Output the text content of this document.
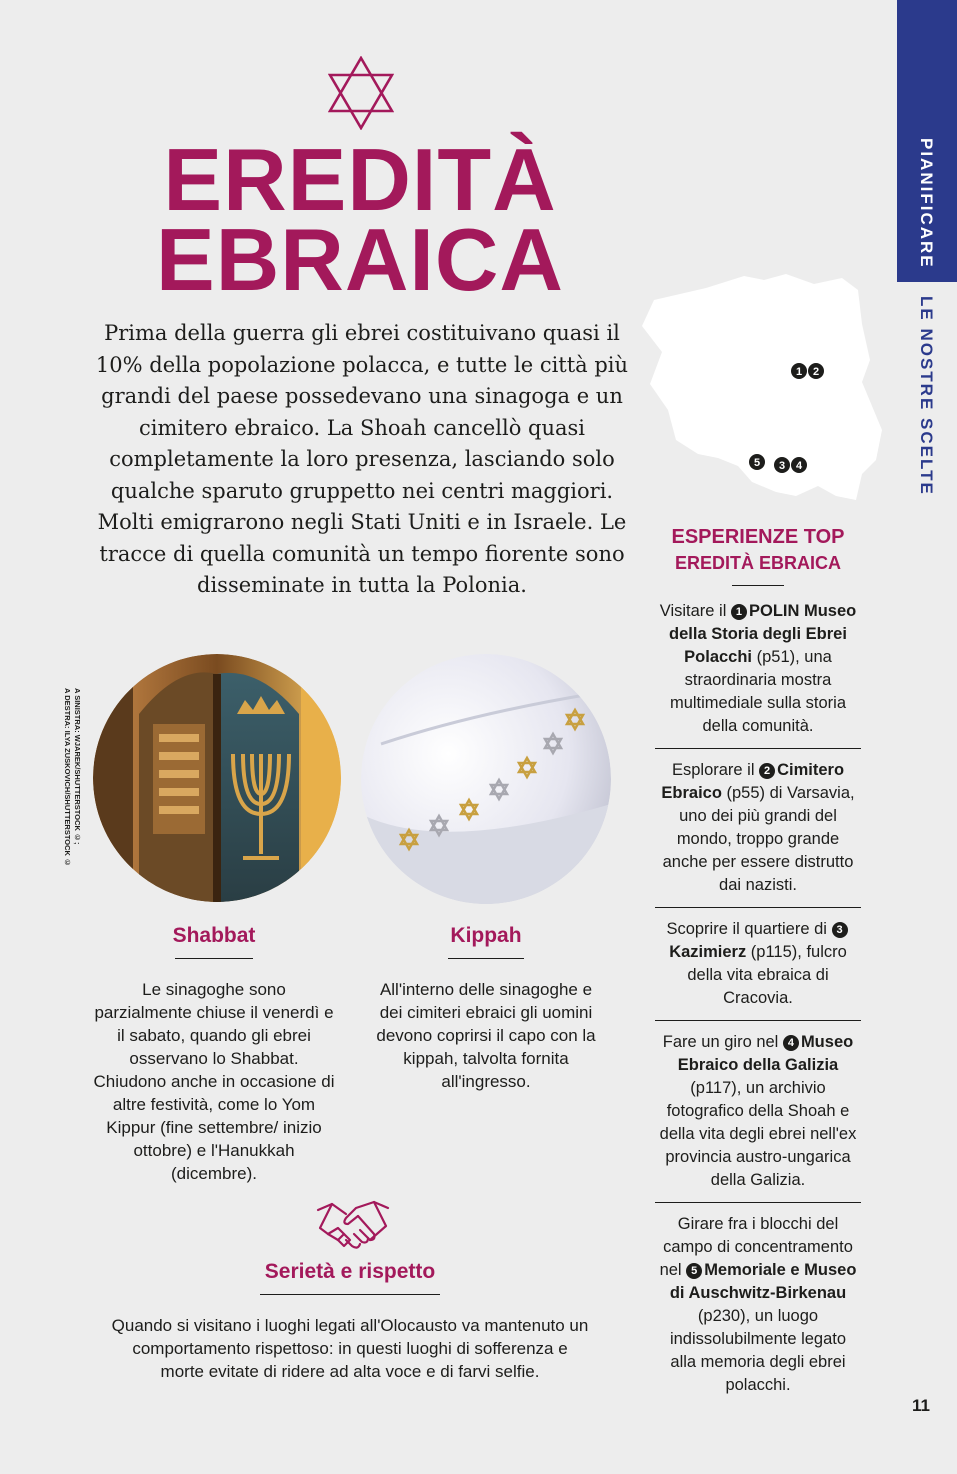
PIANIFICARE
LE NOSTRE SCELTE
EREDITÀ
EBRAICA
Prima della guerra gli ebrei costituivano quasi il 10% della popolazione polacca, e tutte le città più grandi del paese possedevano una sinagoga e un cimitero ebraico. La Shoah cancellò quasi completamente la loro presenza, lasciando solo qualche sparuto gruppetto nei centri maggiori. Molti emigrarono negli Stati Uniti e in Israele. Le tracce di quella comunità un tempo fiorente sono disseminate in tutta la Polonia.
1 2
5 3 4
ESPERIENZE TOP
EREDITÀ EBRAICA
Visitare il 1 POLIN Museo della Storia degli Ebrei Polacchi (p51), una straordinaria mostra multimediale sulla storia della comunità.
Esplorare il 2 Cimitero Ebraico (p55) di Varsavia, uno dei più grandi del mondo, troppo grande anche per essere distrutto dai nazisti.
Scoprire il quartiere di 3Kazimierz (p115), fulcro della vita ebraica di Cracovia.
Fare un giro nel 4 Museo Ebraico della Galizia (p117), un archivio fotografico della Shoah e della vita degli ebrei nell'ex provincia austro-ungarica della Galizia.
Girare fra i blocchi del campo di concentramento nel 5 Memoriale e Museo di Auschwitz-Birkenau (p230), un luogo indissolubilmente legato alla memoria degli ebrei polacchi.
A SINISTRA: WJAREK/SHUTTERSTOCK ©;
A DESTRA: ILYA ZUSKOVICH/SHUTTERSTOCK ©
Shabbat
Le sinagoghe sono parzialmente chiuse il venerdì e il sabato, quando gli ebrei osservano lo Shabbat. Chiudono anche in occasione di altre festività, come lo Yom Kippur (fine settembre/ inizio ottobre) e l'Hanukkah (dicembre).
Kippah
All'interno delle sinagoghe e dei cimiteri ebraici gli uomini devono coprirsi il capo con la kippah, talvolta fornita all'ingresso.
Serietà e rispetto
Quando si visitano i luoghi legati all'Olocausto va mantenuto un comportamento rispettoso: in questi luoghi di sofferenza e morte evitate di ridere ad alta voce e di farvi selfie.
11
